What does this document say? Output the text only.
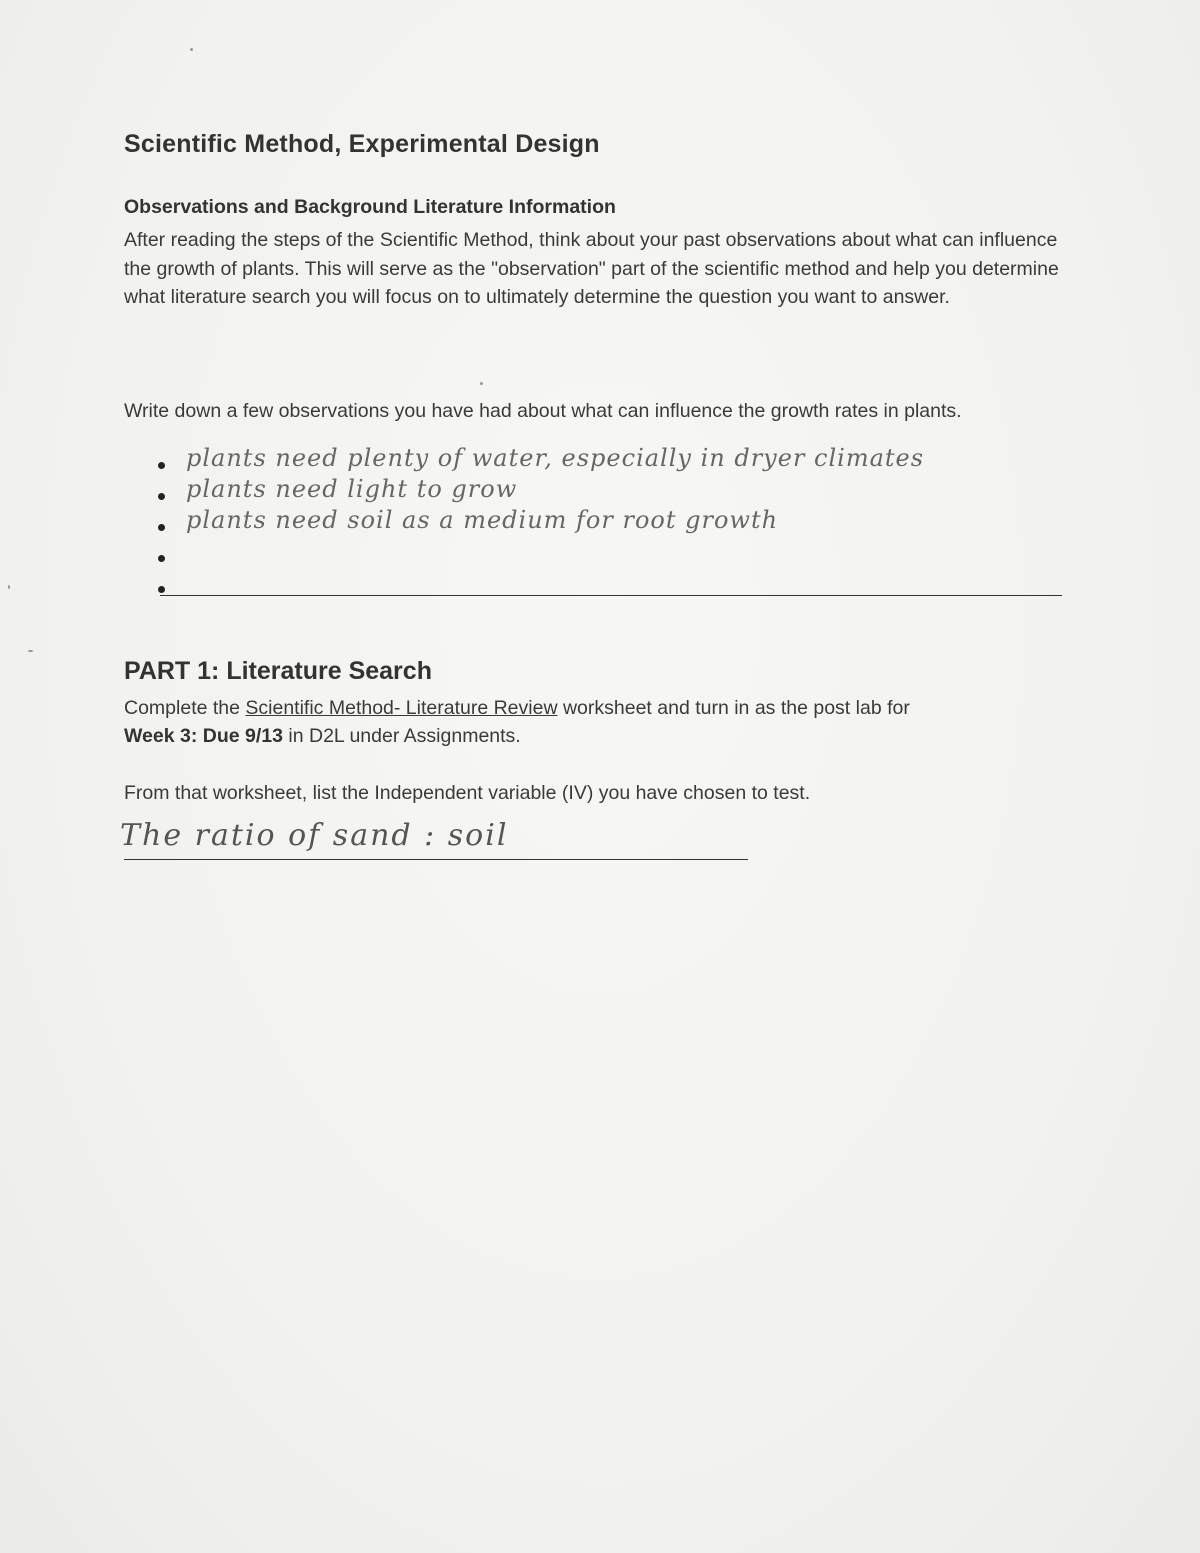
Scientific Method, Experimental Design
Observations and Background Literature Information
After reading the steps of the Scientific Method, think about your past observations about what can influence the growth of plants. This will serve as the "observation" part of the scientific method and help you determine what literature search you will focus on to ultimately determine the question you want to answer.
Write down a few observations you have had about what can influence the growth rates in plants.
plants need plenty of water, especially in dryer climates
plants need light to grow
plants need soil as a medium for root growth
PART 1: Literature Search
Complete the Scientific Method- Literature Review worksheet and turn in as the post lab for
Week 3: Due 9/13 in D2L under Assignments.
From that worksheet, list the Independent variable (IV) you have chosen to test.
The ratio of sand : soil
